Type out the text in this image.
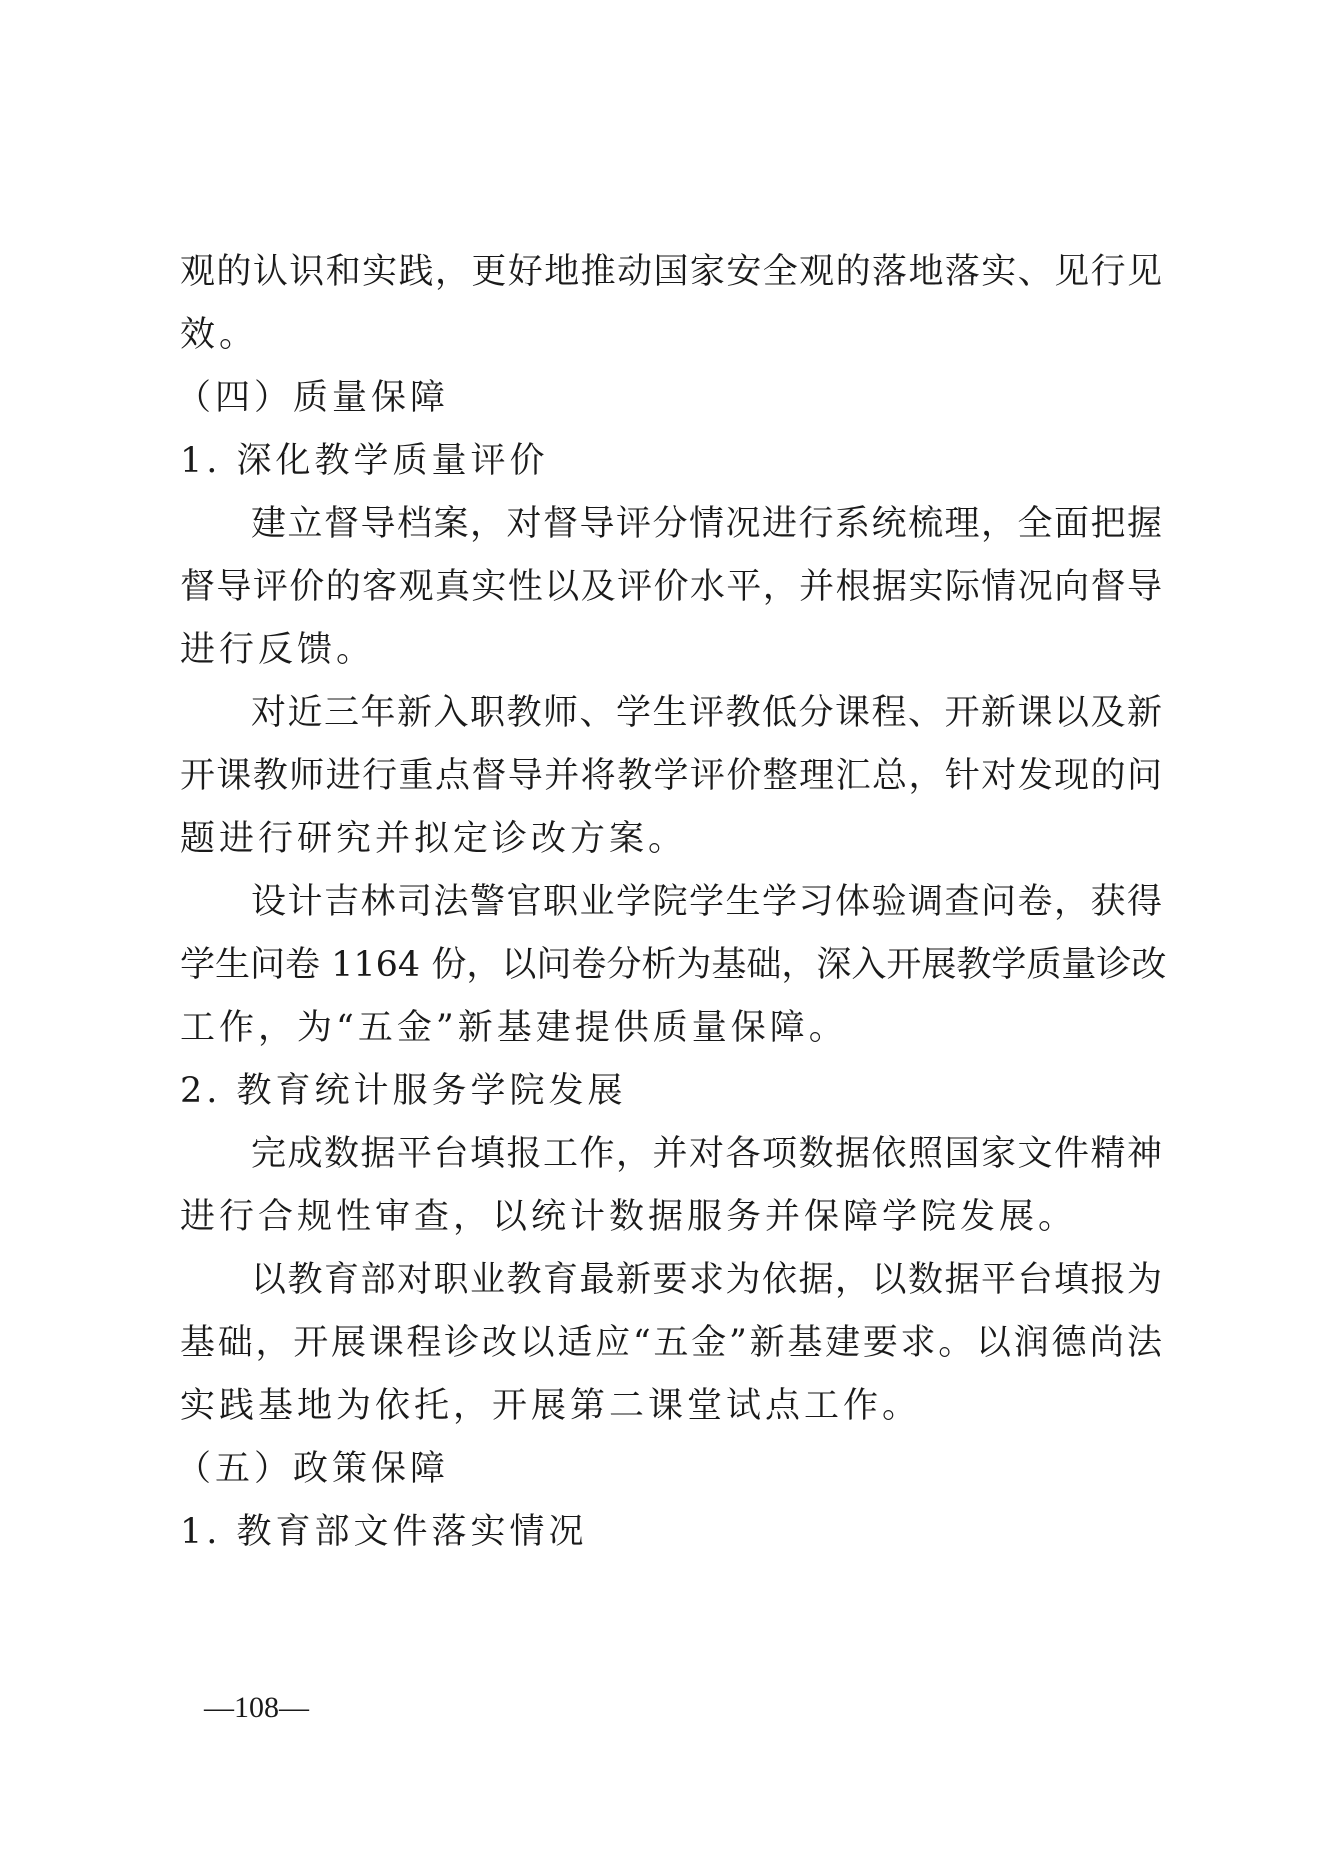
观的认识和实践，更好地推动国家安全观的落地落实、见行见
效。
（四）质量保障
1. 深化教学质量评价
建立督导档案，对督导评分情况进行系统梳理，全面把握
督导评价的客观真实性以及评价水平，并根据实际情况向督导
进行反馈。
对近三年新入职教师、学生评教低分课程、开新课以及新
开课教师进行重点督导并将教学评价整理汇总，针对发现的问
题进行研究并拟定诊改方案。
设计吉林司法警官职业学院学生学习体验调查问卷，获得
学生问卷 1164 份，以问卷分析为基础，深入开展教学质量诊改
工作，为“五金”新基建提供质量保障。
2. 教育统计服务学院发展
完成数据平台填报工作，并对各项数据依照国家文件精神
进行合规性审查，以统计数据服务并保障学院发展。
以教育部对职业教育最新要求为依据，以数据平台填报为
基础，开展课程诊改以适应“五金”新基建要求。以润德尚法
实践基地为依托，开展第二课堂试点工作。
（五）政策保障
1. 教育部文件落实情况
—108—
